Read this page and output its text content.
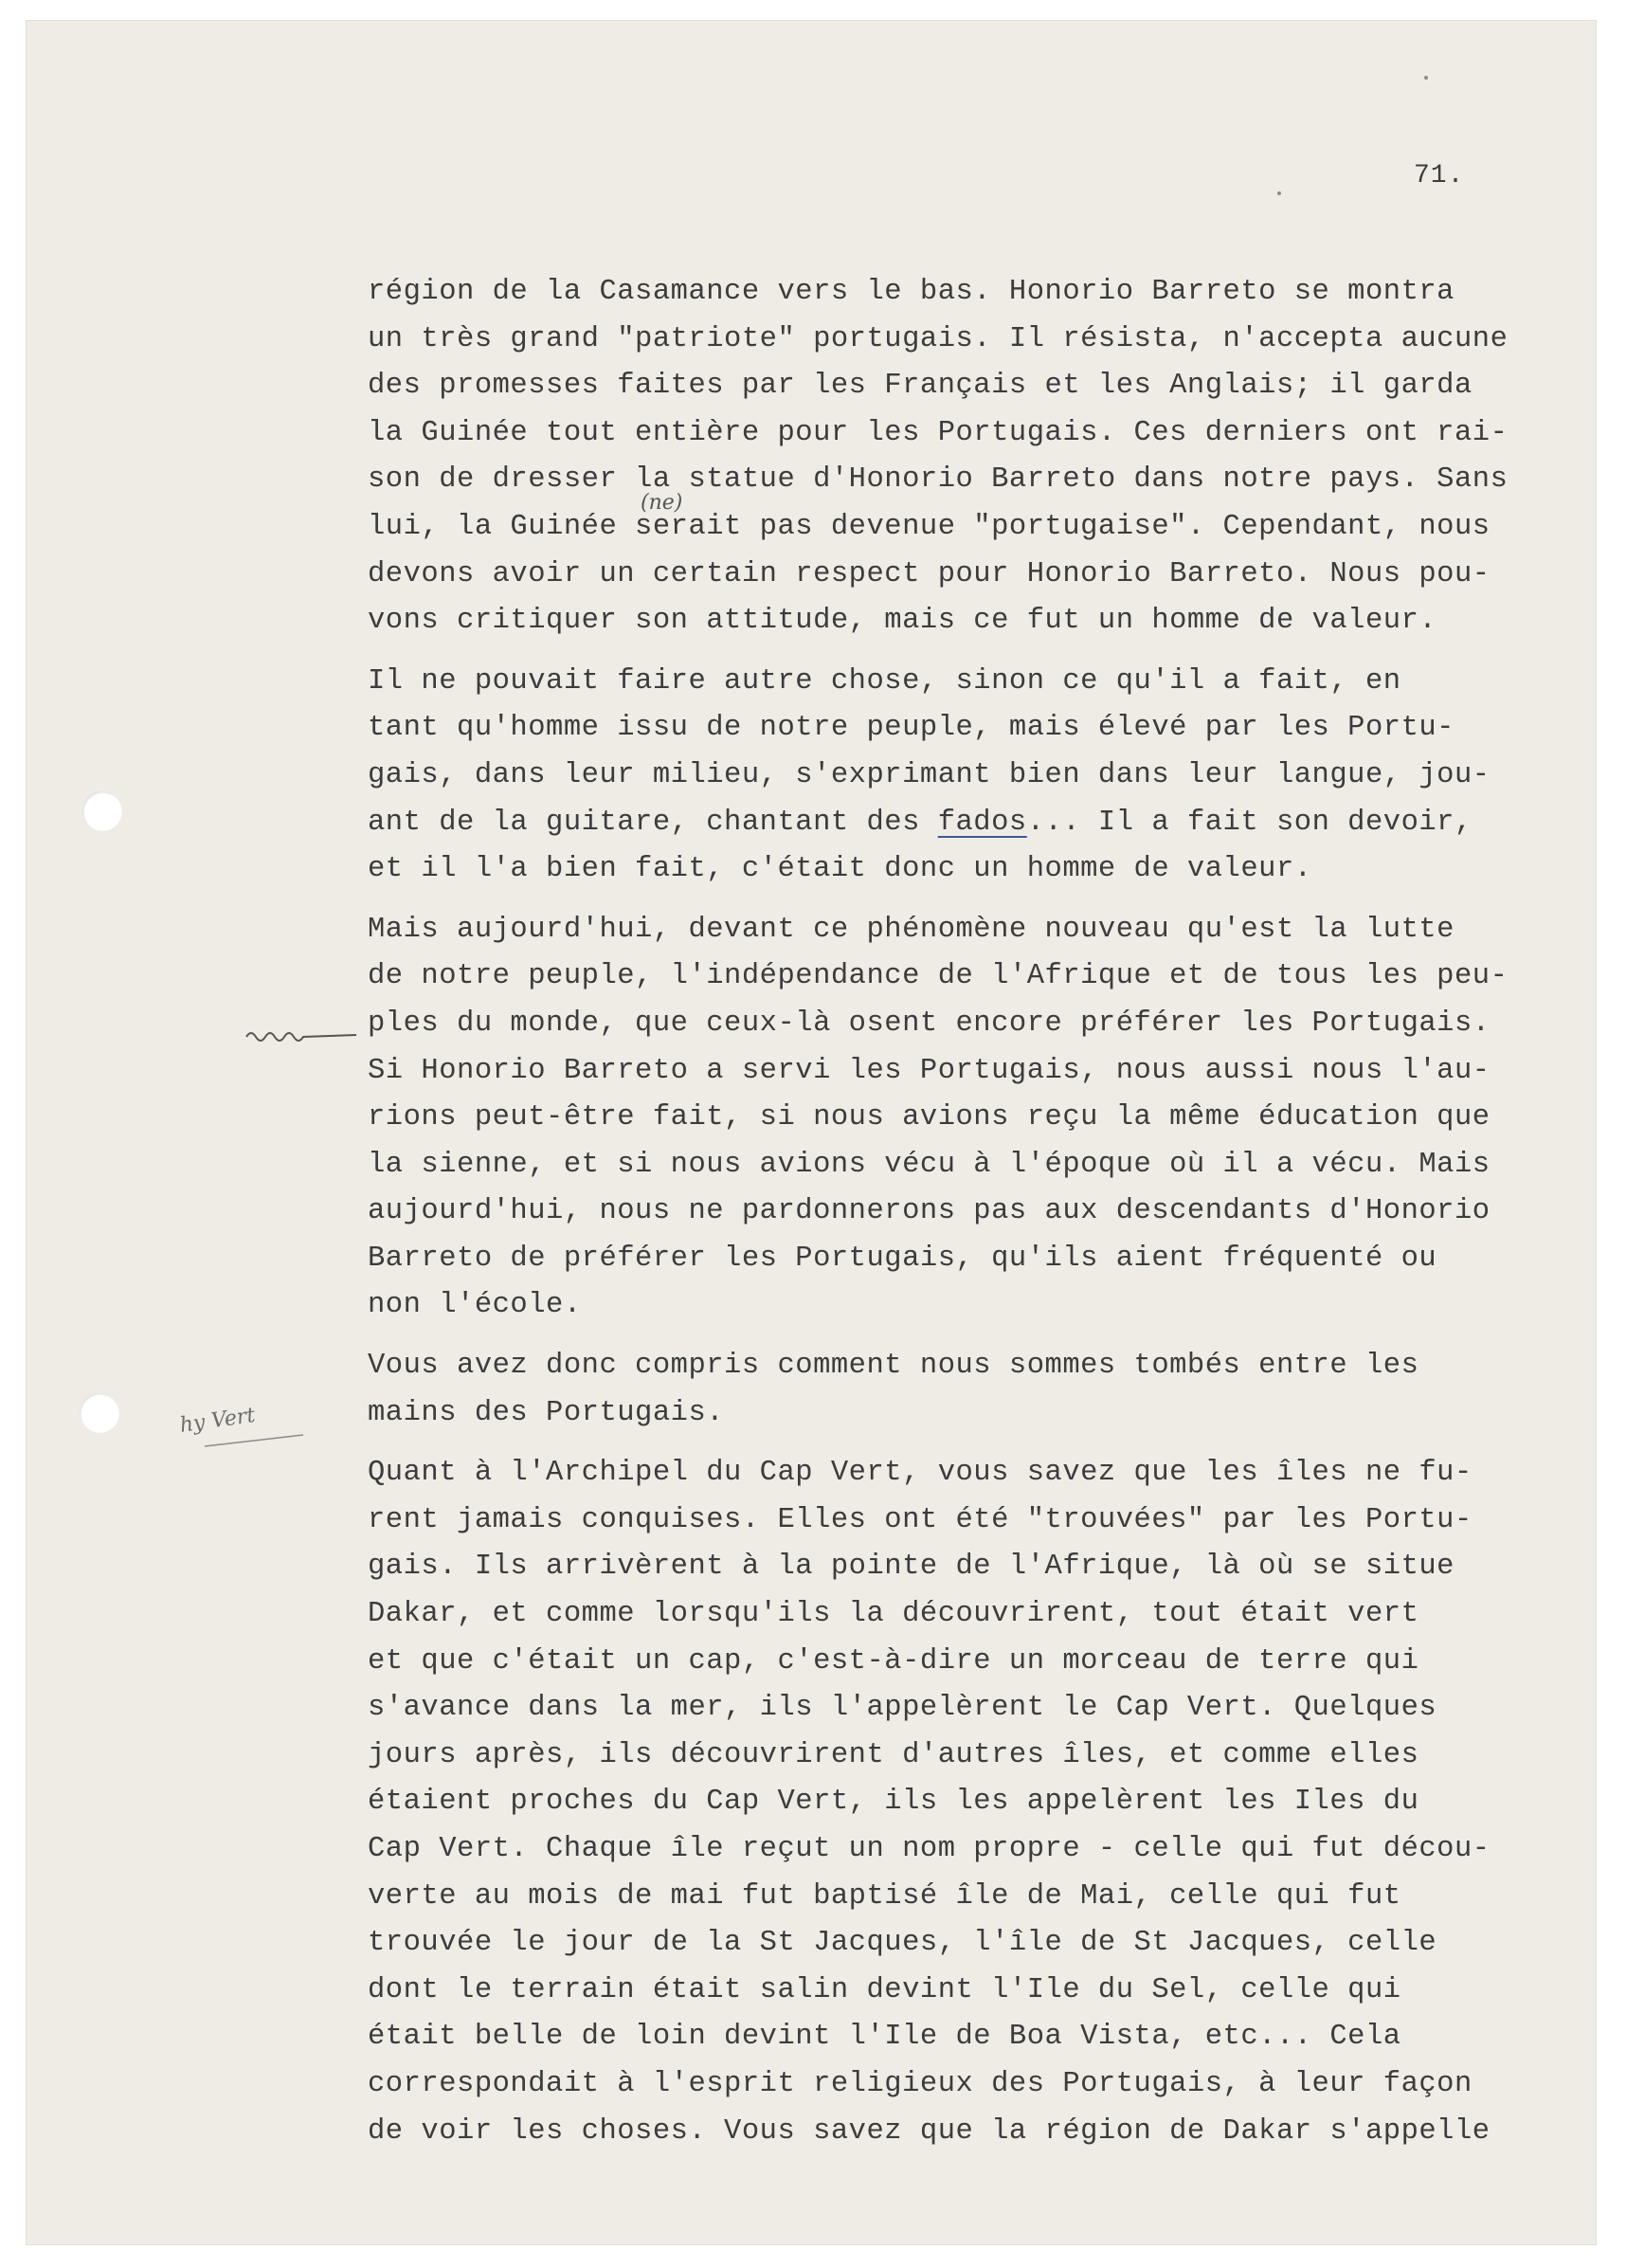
71.
hy Vert
(ne)
région de la Casamance vers le bas. Honorio Barreto se montra
un très grand "patriote" portugais. Il résista, n'accepta aucune
des promesses faites par les Français et les Anglais; il garda
la Guinée tout entière pour les Portugais. Ces derniers ont rai-
son de dresser la statue d'Honorio Barreto dans notre pays. Sans
lui, la Guinée serait pas devenue "portugaise". Cependant, nous
devons avoir un certain respect pour Honorio Barreto. Nous pou-
vons critiquer son attitude, mais ce fut un homme de valeur.
Il ne pouvait faire autre chose, sinon ce qu'il a fait, en
tant qu'homme issu de notre peuple, mais élevé par les Portu-
gais, dans leur milieu, s'exprimant bien dans leur langue, jou-
ant de la guitare, chantant des fados... Il a fait son devoir,
et il l'a bien fait, c'était donc un homme de valeur.
Mais aujourd'hui, devant ce phénomène nouveau qu'est la lutte
de notre peuple, l'indépendance de l'Afrique et de tous les peu-
ples du monde, que ceux-là osent encore préférer les Portugais.
Si Honorio Barreto a servi les Portugais, nous aussi nous l'au-
rions peut-être fait, si nous avions reçu la même éducation que
la sienne, et si nous avions vécu à l'époque où il a vécu. Mais
aujourd'hui, nous ne pardonnerons pas aux descendants d'Honorio
Barreto de préférer les Portugais, qu'ils aient fréquenté ou
non l'école.
Vous avez donc compris comment nous sommes tombés entre les
mains des Portugais.
Quant à l'Archipel du Cap Vert, vous savez que les îles ne fu-
rent jamais conquises. Elles ont été "trouvées" par les Portu-
gais. Ils arrivèrent à la pointe de l'Afrique, là où se situe
Dakar, et comme lorsqu'ils la découvrirent, tout était vert
et que c'était un cap, c'est-à-dire un morceau de terre qui
s'avance dans la mer, ils l'appelèrent le Cap Vert. Quelques
jours après, ils découvrirent d'autres îles, et comme elles
étaient proches du Cap Vert, ils les appelèrent les Iles du
Cap Vert. Chaque île reçut un nom propre - celle qui fut décou-
verte au mois de mai fut baptisé île de Mai, celle qui fut
trouvée le jour de la St Jacques, l'île de St Jacques, celle
dont le terrain était salin devint l'Ile du Sel, celle qui
était belle de loin devint l'Ile de Boa Vista, etc... Cela
correspondait à l'esprit religieux des Portugais, à leur façon
de voir les choses. Vous savez que la région de Dakar s'appelle
